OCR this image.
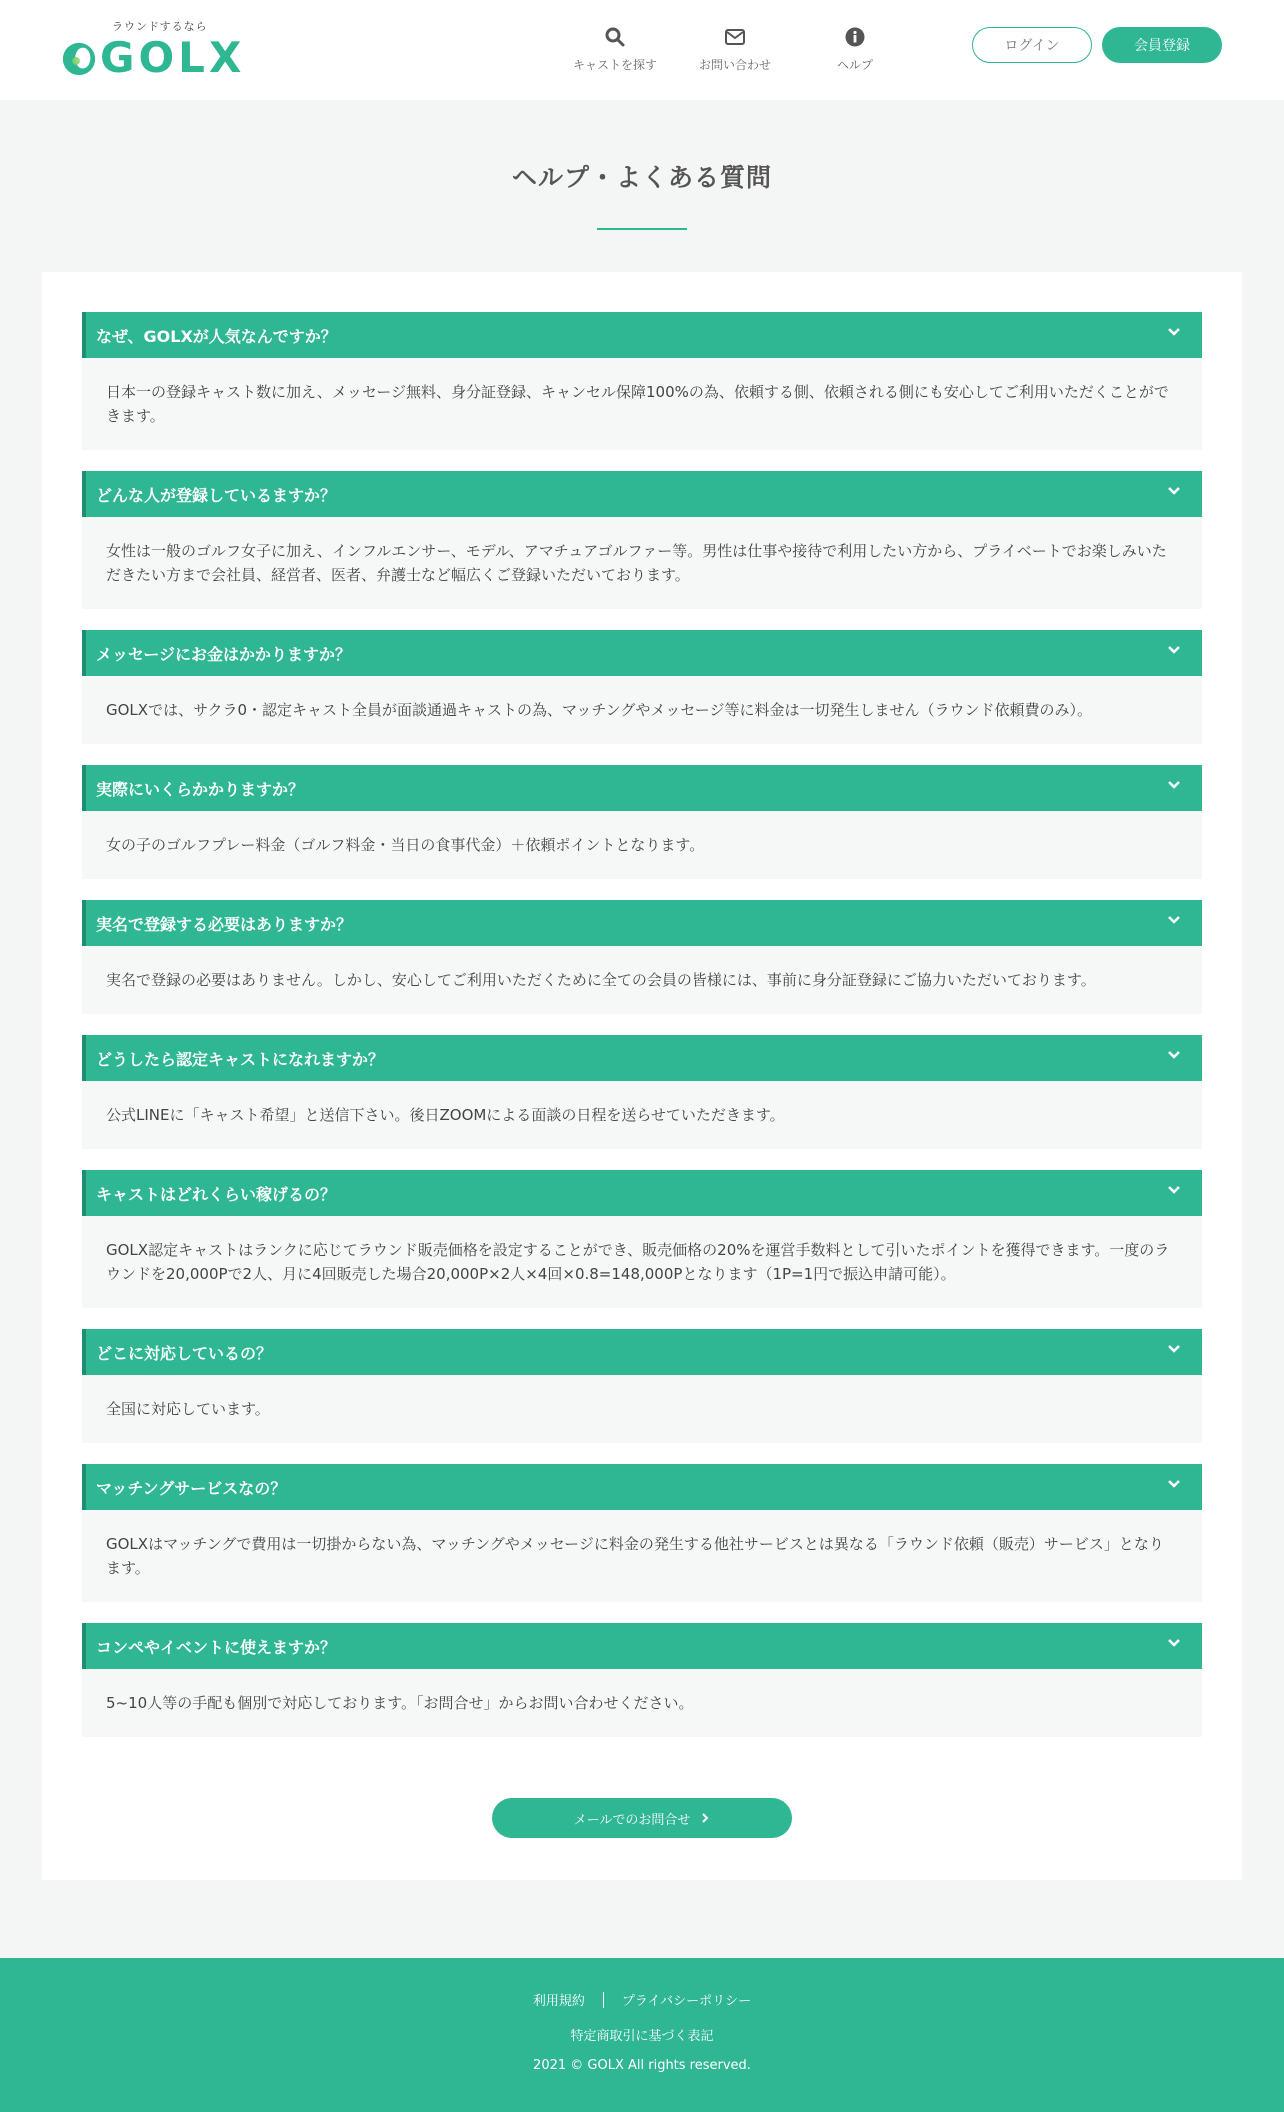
ラウンドするなら
GOLX	キャストを探す	お問い合わせ	ヘルプ
ログイン	会員登録
ヘルプ・よくある質問
なぜ、GOLXが人気なんですか？
日本一の登録キャスト数に加え、メッセージ無料、身分証登録、キャンセル保障100%の為、依頼する側、依頼される側にも安心してご利用いただくことができます。
どんな人が登録しているますか？
女性は一般のゴルフ女子に加え、インフルエンサー、モデル、アマチュアゴルファー等。男性は仕事や接待で利用したい方から、プライベートでお楽しみいただきたい方まで会社員、経営者、医者、弁護士など幅広くご登録いただいております。
メッセージにお金はかかりますか？
GOLXでは、サクラ0・認定キャスト全員が面談通過キャストの為、マッチングやメッセージ等に料金は一切発生しません（ラウンド依頼費のみ）。
実際にいくらかかりますか？
女の子のゴルフプレー料金（ゴルフ料金・当日の食事代金）＋依頼ポイントとなります。
実名で登録する必要はありますか？
実名で登録の必要はありません。しかし、安心してご利用いただくために全ての会員の皆様には、事前に身分証登録にご協力いただいております。
どうしたら認定キャストになれますか？
公式LINEに「キャスト希望」と送信下さい。後日ZOOMによる面談の日程を送らせていただきます。
キャストはどれくらい稼げるの？
GOLX認定キャストはランクに応じてラウンド販売価格を設定することができ、販売価格の20%を運営手数料として引いたポイントを獲得できます。一度のラウンドを20,000Pで2人、月に4回販売した場合20,000P×2人×4回×0.8=148,000Pとなります（1P=1円で振込申請可能）。
どこに対応しているの？
全国に対応しています。
マッチングサービスなの？
GOLXはマッチングで費用は一切掛からない為、マッチングやメッセージに料金の発生する他社サービスとは異なる「ラウンド依頼（販売）サービス」となります。
コンペやイベントに使えますか？
5~10人等の手配も個別で対応しております。「お問合せ」からお問い合わせください。
メールでのお問合せ
利用規約	プライバシーポリシー
特定商取引に基づく表記
2021 © GOLX All rights reserved.
